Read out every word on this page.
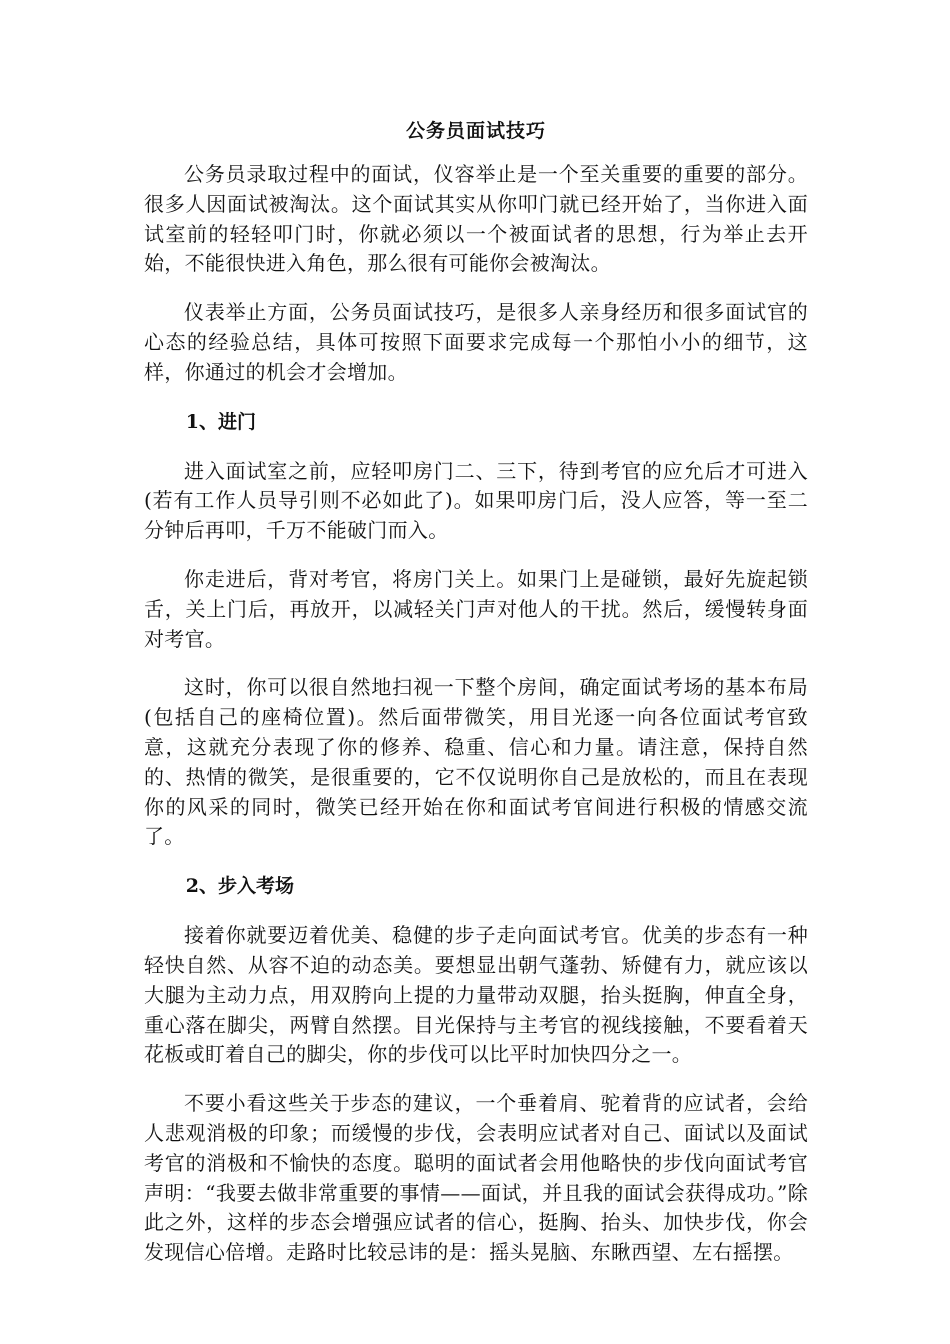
公务员面试技巧

公务员录取过程中的面试，仪容举止是一个至关重要的重要的部分。很多人因面试被淘汰。这个面试其实从你叩门就已经开始了，当你进入面试室前的轻轻叩门时，你就必须以一个被面试者的思想，行为举止去开始，不能很快进入角色，那么很有可能你会被淘汰。

仪表举止方面，公务员面试技巧，是很多人亲身经历和很多面试官的心态的经验总结，具体可按照下面要求完成每一个那怕小小的细节，这样，你通过的机会才会增加。

1、进门

进入面试室之前，应轻叩房门二、三下，待到考官的应允后才可进入(若有工作人员导引则不必如此了)。如果叩房门后，没人应答，等一至二分钟后再叩，千万不能破门而入。

你走进后，背对考官，将房门关上。如果门上是碰锁，最好先旋起锁舌，关上门后，再放开，以减轻关门声对他人的干扰。然后，缓慢转身面对考官。

这时，你可以很自然地扫视一下整个房间，确定面试考场的基本布局(包括自己的座椅位置)。然后面带微笑，用目光逐一向各位面试考官致意，这就充分表现了你的修养、稳重、信心和力量。请注意，保持自然的、热情的微笑，是很重要的，它不仅说明你自己是放松的，而且在表现你的风采的同时，微笑已经开始在你和面试考官间进行积极的情感交流了。

2、步入考场

接着你就要迈着优美、稳健的步子走向面试考官。优美的步态有一种轻快自然、从容不迫的动态美。要想显出朝气蓬勃、矫健有力，就应该以大腿为主动力点，用双胯向上提的力量带动双腿，抬头挺胸，伸直全身，重心落在脚尖，两臂自然摆。目光保持与主考官的视线接触，不要看着天花板或盯着自己的脚尖，你的步伐可以比平时加快四分之一。

不要小看这些关于步态的建议，一个垂着肩、驼着背的应试者，会给人悲观消极的印象；而缓慢的步伐，会表明应试者对自己、面试以及面试考官的消极和不愉快的态度。聪明的面试者会用他略快的步伐向面试考官声明：“我要去做非常重要的事情——面试，并且我的面试会获得成功。”除此之外，这样的步态会增强应试者的信心，挺胸、抬头、加快步伐，你会发现信心倍增。走路时比较忌讳的是：摇头晃脑、东瞅西望、左右摇摆。
